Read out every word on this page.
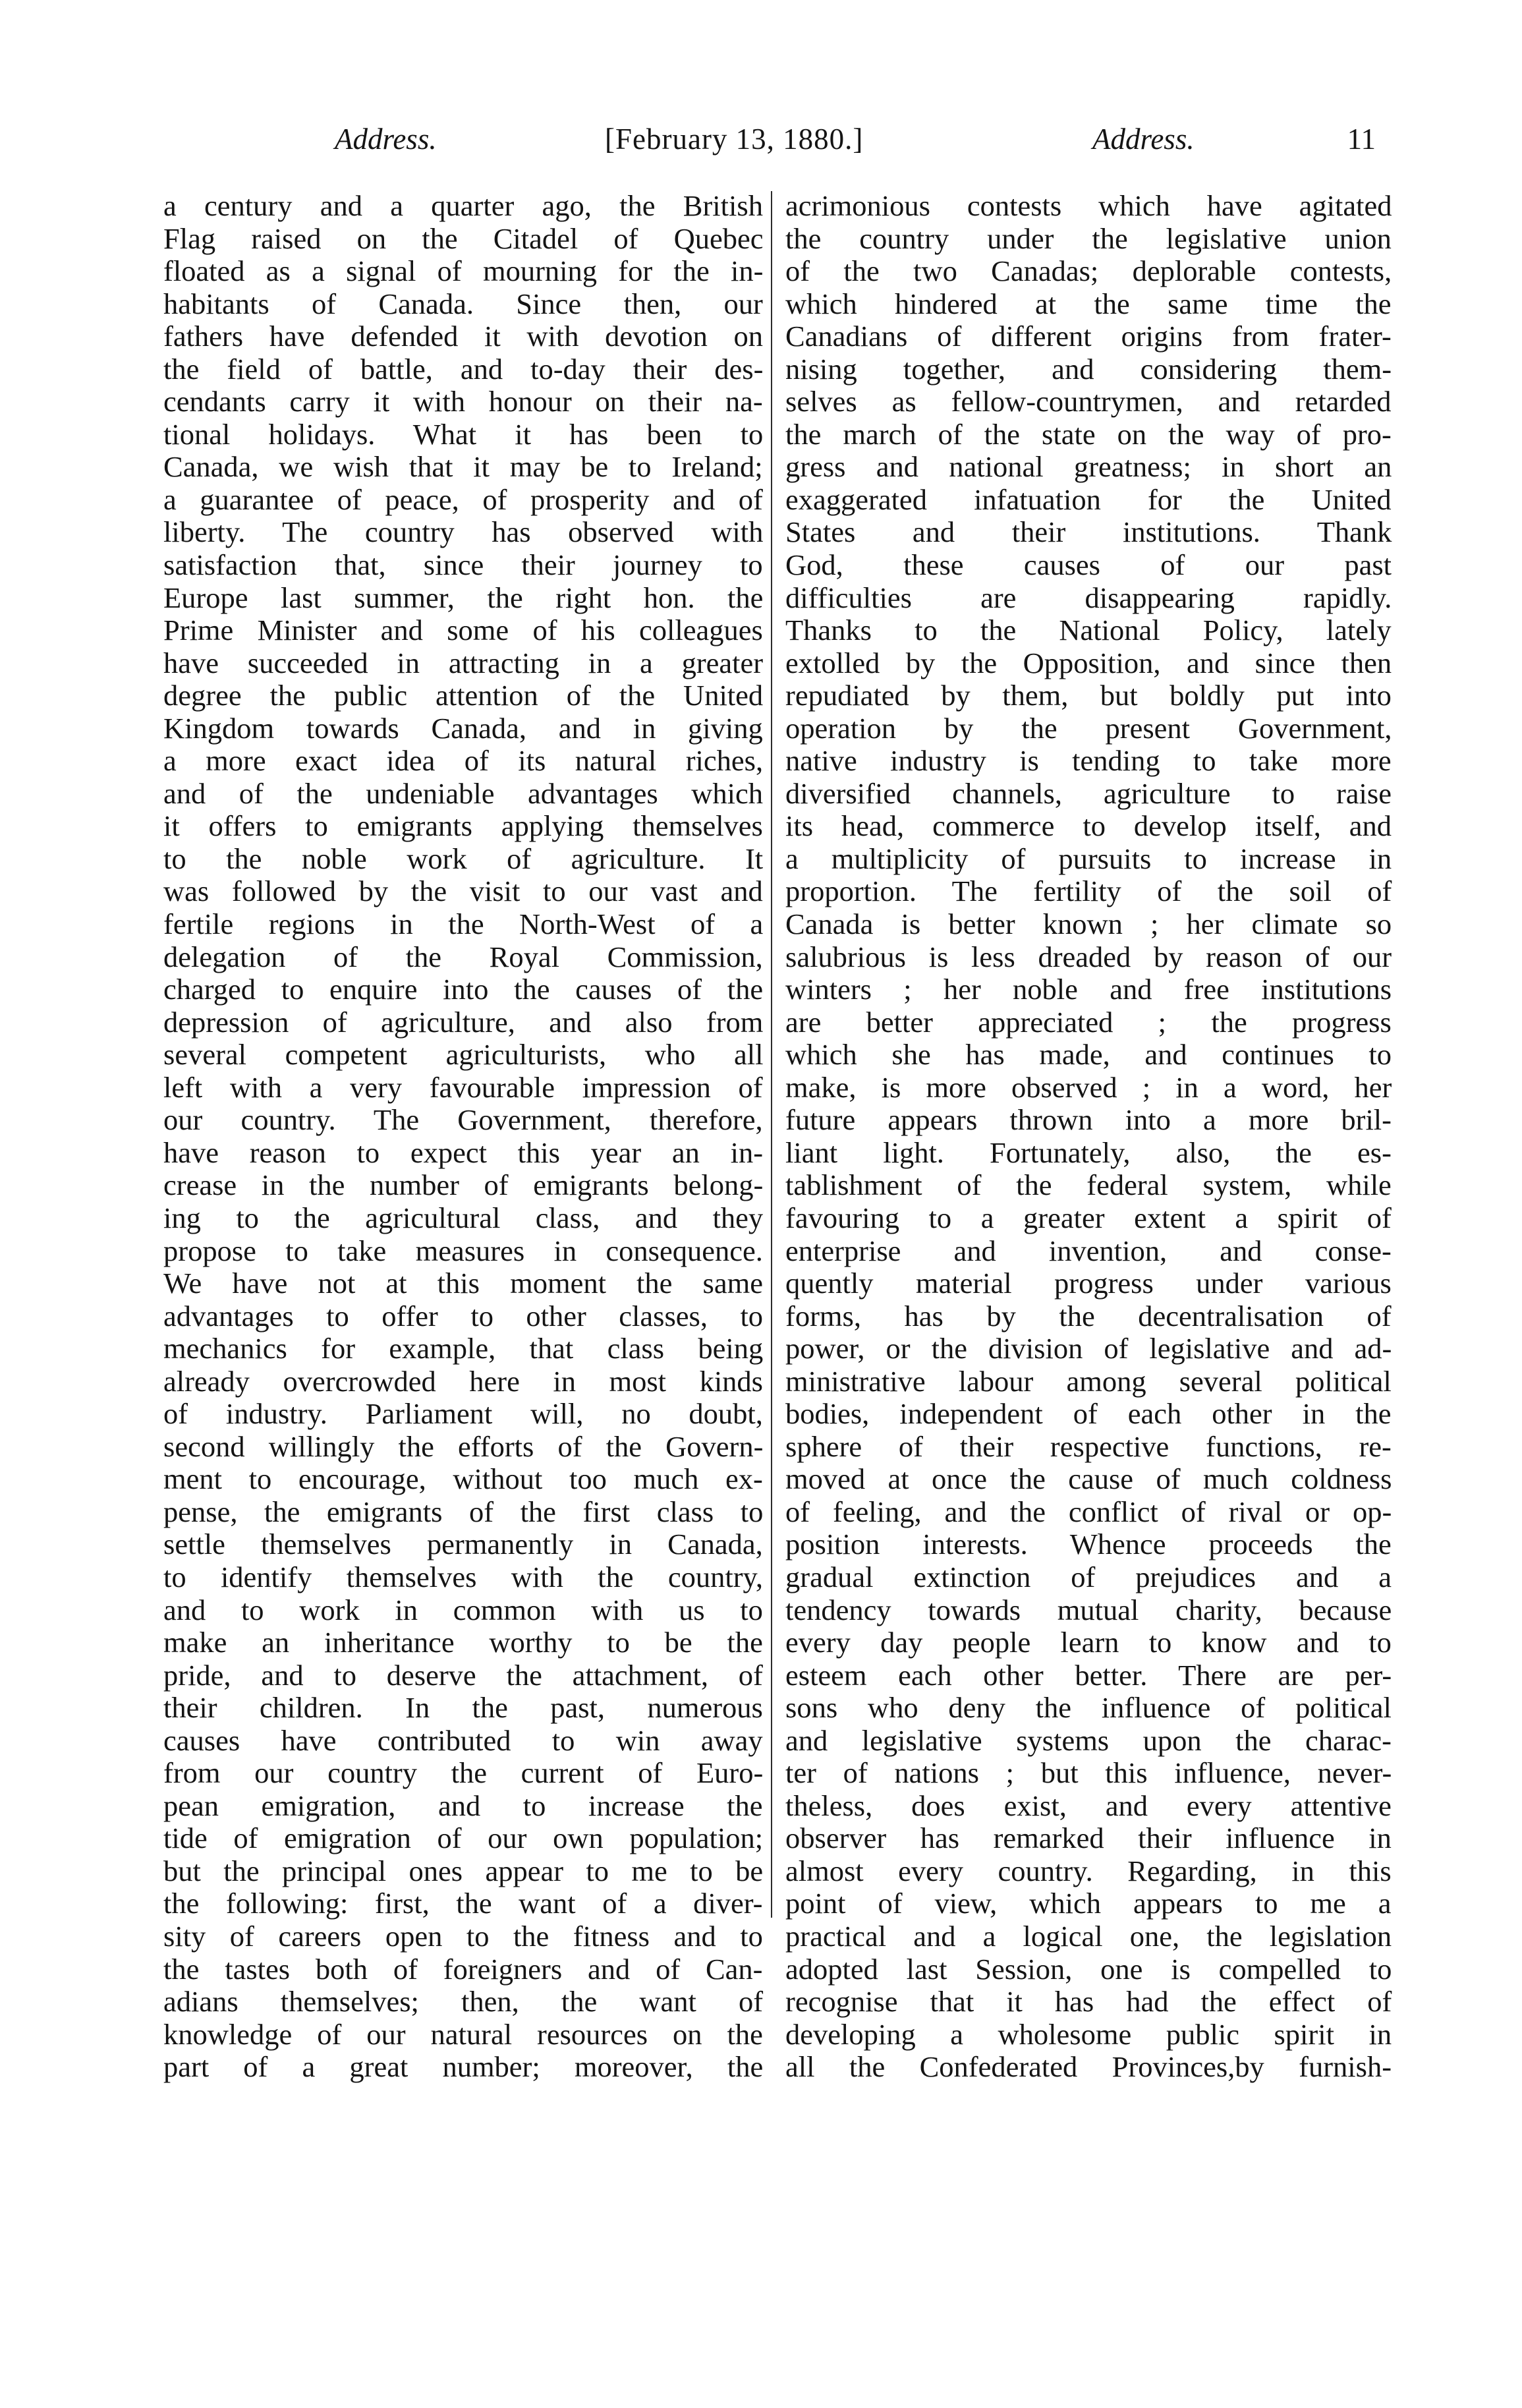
Address.	[February 13, 1880.]	Address.	11
a century and a quarter ago, the British
Flag raised on the Citadel of Quebec
floated as a signal of mourning for the in-
habitants of Canada. Since then, our
fathers have defended it with devotion on
the field of battle, and to-day their des-
cendants carry it with honour on their na-
tional holidays. What it has been to
Canada, we wish that it may be to Ireland;
a guarantee of peace, of prosperity and of
liberty. The country has observed with
satisfaction that, since their journey to
Europe last summer, the right hon. the
Prime Minister and some of his colleagues
have succeeded in attracting in a greater
degree the public attention of the United
Kingdom towards Canada, and in giving
a more exact idea of its natural riches,
and of the undeniable advantages which
it offers to emigrants applying themselves
to the noble work of agriculture. It
was followed by the visit to our vast and
fertile regions in the North-West of a
delegation of the Royal Commission,
charged to enquire into the causes of the
depression of agriculture, and also from
several competent agriculturists, who all
left with a very favourable impression of
our country. The Government, therefore,
have reason to expect this year an in-
crease in the number of emigrants belong-
ing to the agricultural class, and they
propose to take measures in consequence.
We have not at this moment the same
advantages to offer to other classes, to
mechanics for example, that class being
already overcrowded here in most kinds
of industry. Parliament will, no doubt,
second willingly the efforts of the Govern-
ment to encourage, without too much ex-
pense, the emigrants of the first class to
settle themselves permanently in Canada,
to identify themselves with the country,
and to work in common with us to
make an inheritance worthy to be the
pride, and to deserve the attachment, of
their children. In the past, numerous
causes have contributed to win away
from our country the current of Euro-
pean emigration, and to increase the
tide of emigration of our own population;
but the principal ones appear to me to be
the following: first, the want of a diver-
sity of careers open to the fitness and to
the tastes both of foreigners and of Can-
adians themselves; then, the want of
knowledge of our natural resources on the
part of a great number; moreover, the
acrimonious contests which have agitated
the country under the legislative union
of the two Canadas; deplorable contests,
which hindered at the same time the
Canadians of different origins from frater-
nising together, and considering them-
selves as fellow-countrymen, and retarded
the march of the state on the way of pro-
gress and national greatness; in short an
exaggerated infatuation for the United
States and their institutions. Thank
God, these causes of our past
difficulties are disappearing rapidly.
Thanks to the National Policy, lately
extolled by the Opposition, and since then
repudiated by them, but boldly put into
operation by the present Government,
native industry is tending to take more
diversified channels, agriculture to raise
its head, commerce to develop itself, and
a multiplicity of pursuits to increase in
proportion. The fertility of the soil of
Canada is better known ; her climate so
salubrious is less dreaded by reason of our
winters ; her noble and free institutions
are better appreciated ; the progress
which she has made, and continues to
make, is more observed ; in a word, her
future appears thrown into a more bril-
liant light. Fortunately, also, the es-
tablishment of the federal system, while
favouring to a greater extent a spirit of
enterprise and invention, and conse-
quently material progress under various
forms, has by the decentralisation of
power, or the division of legislative and ad-
ministrative labour among several political
bodies, independent of each other in the
sphere of their respective functions, re-
moved at once the cause of much coldness
of feeling, and the conflict of rival or op-
position interests. Whence proceeds the
gradual extinction of prejudices and a
tendency towards mutual charity, because
every day people learn to know and to
esteem each other better. There are per-
sons who deny the influence of political
and legislative systems upon the charac-
ter of nations ; but this influence, never-
theless, does exist, and every attentive
observer has remarked their influence in
almost every country. Regarding, in this
point of view, which appears to me a
practical and a logical one, the legislation
adopted last Session, one is compelled to
recognise that it has had the effect of
developing a wholesome public spirit in
all the Confederated Provinces,by furnish-
